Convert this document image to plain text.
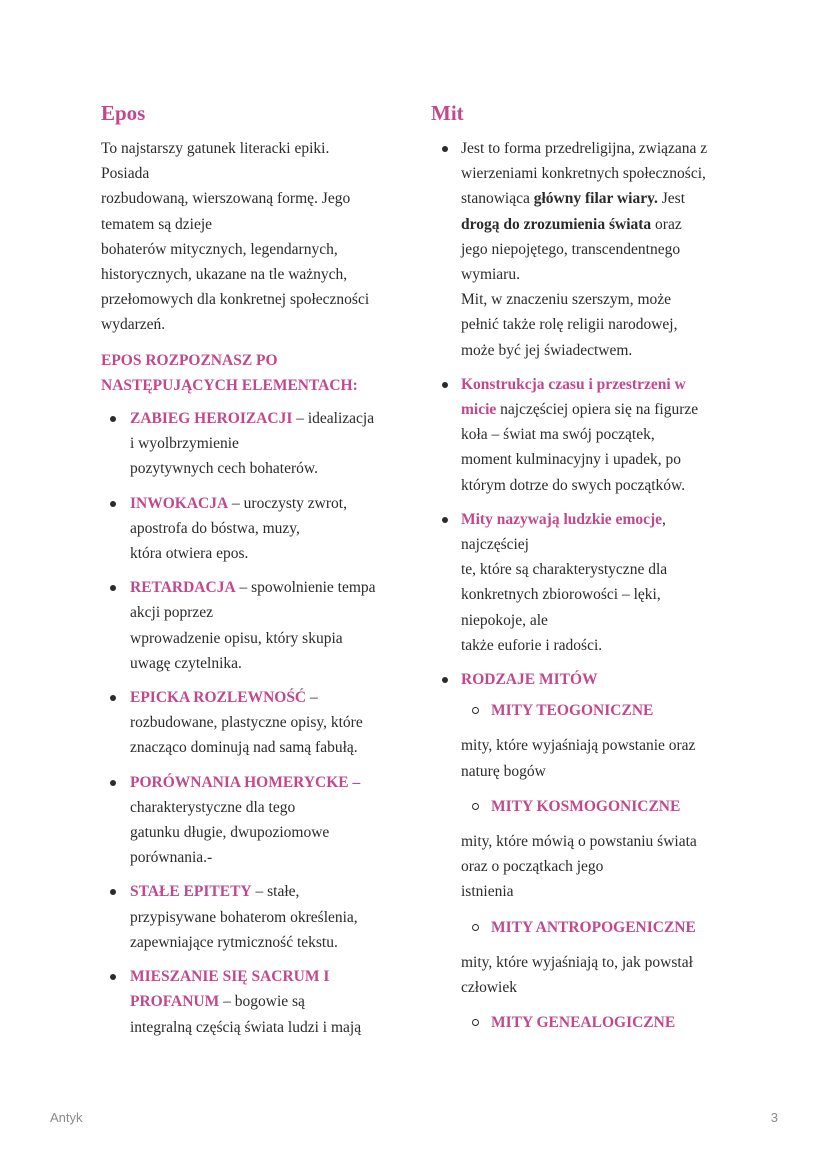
Epos
To najstarszy gatunek literacki epiki.
Posiada
rozbudowaną, wierszowaną formę. Jego
tematem są dzieje
bohaterów mitycznych, legendarnych,
historycznych, ukazane na tle ważnych,
przełomowych dla konkretnej społeczności
wydarzeń.
EPOS ROZPOZNASZ PO
NASTĘPUJĄCYCH ELEMENTACH:
ZABIEG HEROIZACJI – idealizacja
i wyolbrzymienie
pozytywnych cech bohaterów.
INWOKACJA – uroczysty zwrot,
apostrofa do bóstwa, muzy,
która otwiera epos.
RETARDACJA – spowolnienie tempa
akcji poprzez
wprowadzenie opisu, który skupia
uwagę czytelnika.
EPICKA ROZLEWNOŚĆ –
rozbudowane, plastyczne opisy, które
znacząco dominują nad samą fabułą.
PORÓWNANIA HOMERYCKE –
charakterystyczne dla tego
gatunku długie, dwupoziomowe
porównania.-
STAŁE EPITETY – stałe,
przypisywane bohaterom określenia,
zapewniające rytmiczność tekstu.
MIESZANIE SIĘ SACRUM I
PROFANUM – bogowie są
integralną częścią świata ludzi i mają
Mit
Jest to forma przedreligijna, związana z
wierzeniami konkretnych społeczności,
stanowiąca główny filar wiary. Jest
drogą do zrozumienia świata oraz
jego niepojętego, transcendentnego
wymiaru.
Mit, w znaczeniu szerszym, może
pełnić także rolę religii narodowej,
może być jej świadectwem.
Konstrukcja czasu i przestrzeni w
micie najczęściej opiera się na figurze
koła – świat ma swój początek,
moment kulminacyjny i upadek, po
którym dotrze do swych początków.
Mity nazywają ludzkie emocje,
najczęściej
te, które są charakterystyczne dla
konkretnych zbiorowości – lęki,
niepokoje, ale
także euforie i radości.
RODZAJE MITÓW
MITY TEOGONICZNE
mity, które wyjaśniają powstanie oraz
naturę bogów
MITY KOSMOGONICZNE
mity, które mówią o powstaniu świata
oraz o początkach jego
istnienia
MITY ANTROPOGENICZNE
mity, które wyjaśniają to, jak powstał
człowiek
MITY GENEALOGICZNE
Antyk	3
